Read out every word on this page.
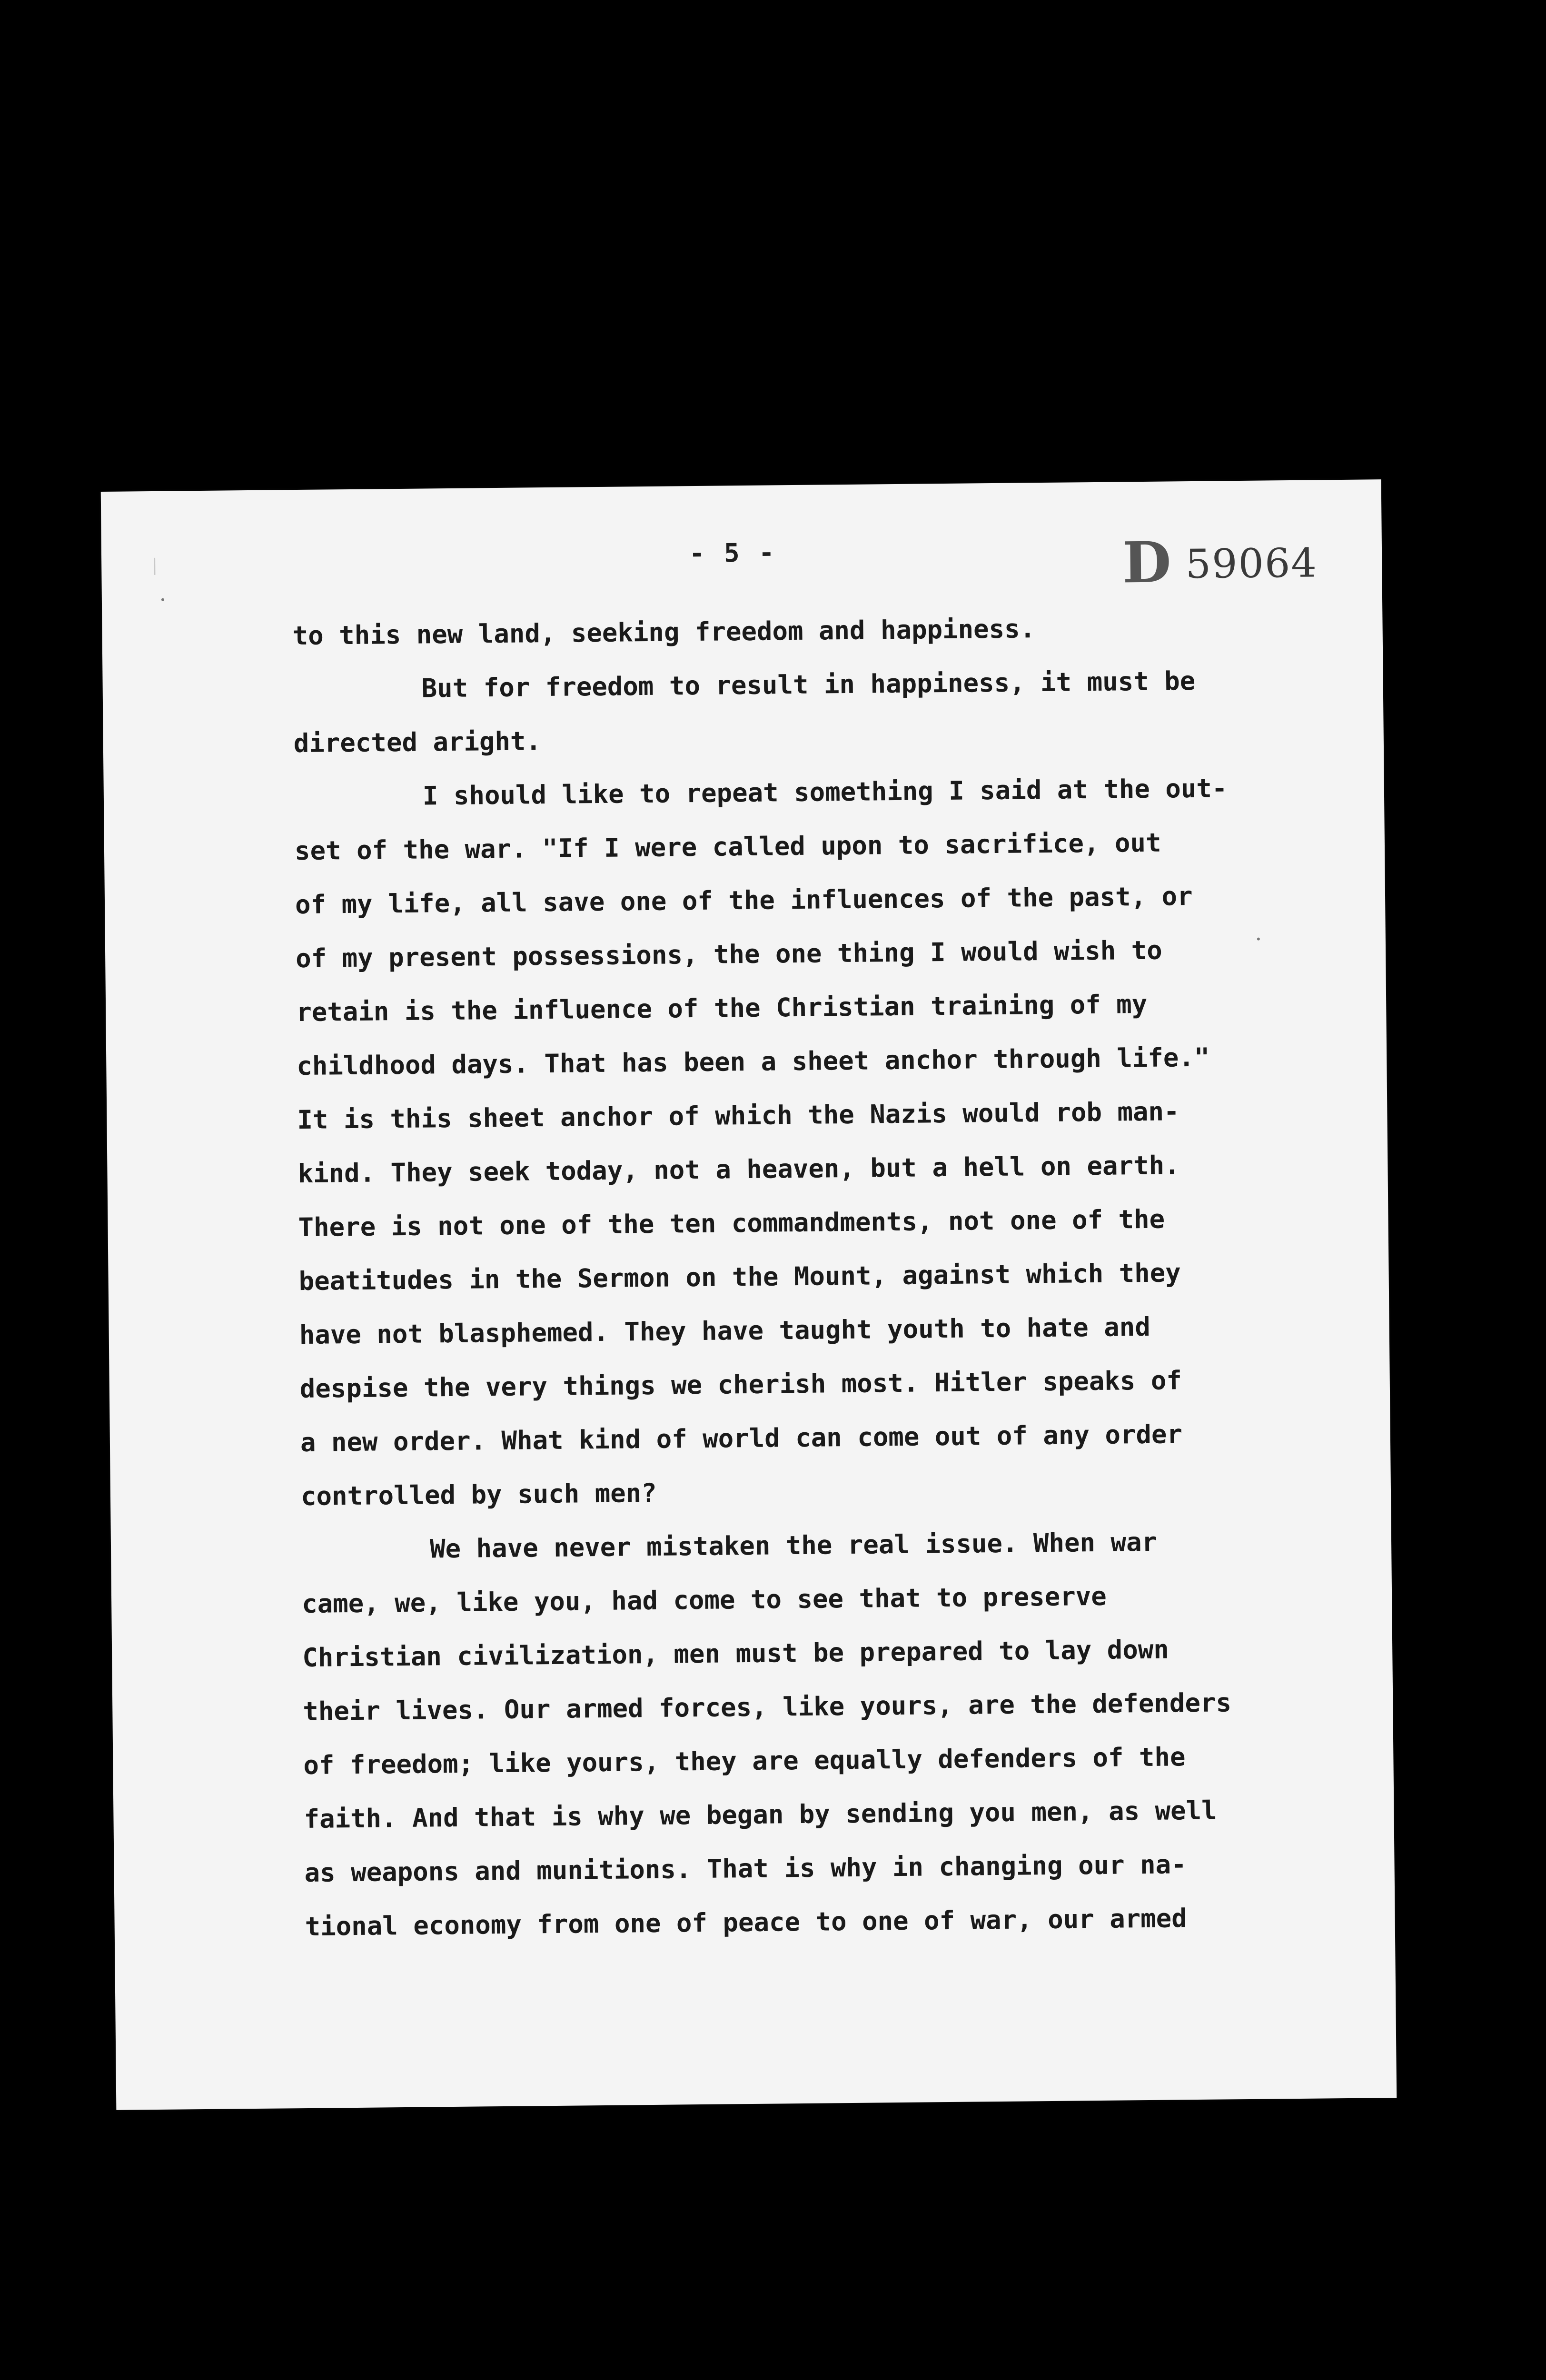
- 5 -	D 59064
to this new land, seeking freedom and happiness.
But for freedom to result in happiness, it must be
directed aright.
I should like to repeat something I said at the out-
set of the war. "If I were called upon to sacrifice, out
of my life, all save one of the influences of the past, or
of my present possessions, the one thing I would wish to
retain is the influence of the Christian training of my
childhood days. That has been a sheet anchor through life."
It is this sheet anchor of which the Nazis would rob man-
kind. They seek today, not a heaven, but a hell on earth.
There is not one of the ten commandments, not one of the
beatitudes in the Sermon on the Mount, against which they
have not blasphemed. They have taught youth to hate and
despise the very things we cherish most. Hitler speaks of
a new order. What kind of world can come out of any order
controlled by such men?
We have never mistaken the real issue. When war
came, we, like you, had come to see that to preserve
Christian civilization, men must be prepared to lay down
their lives. Our armed forces, like yours, are the defenders
of freedom; like yours, they are equally defenders of the
faith. And that is why we began by sending you men, as well
as weapons and munitions. That is why in changing our na-
tional economy from one of peace to one of war, our armed
